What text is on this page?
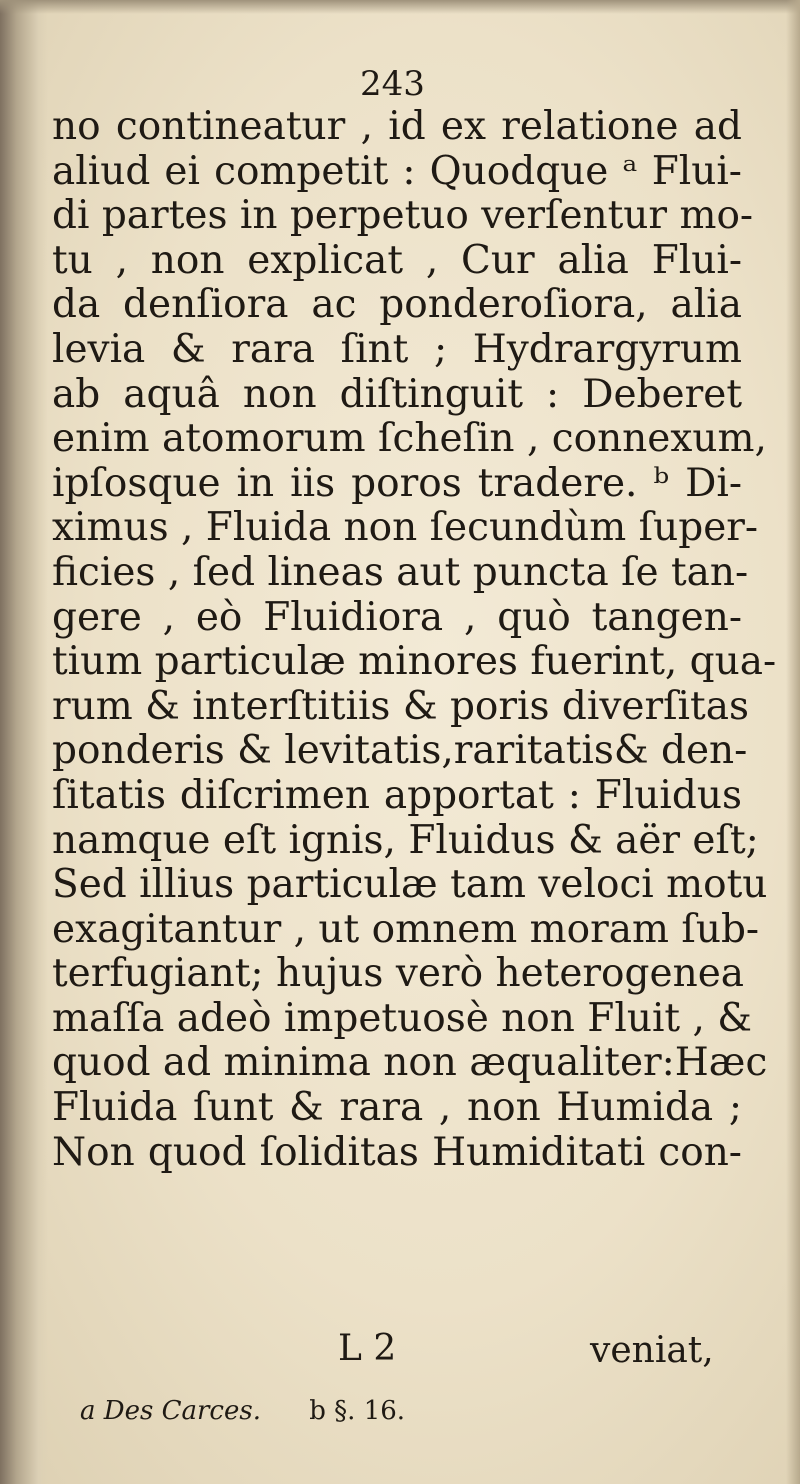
243
no contineatur , id ex relatione ad
aliud ei competit : Quodque ᵃ Flui-
di partes in perpetuo verſentur mo-
tu , non explicat , Cur alia Flui-
da denſiora ac ponderoſiora, alia
levia & rara ſint ; Hydrargyrum
ab aquâ non diſtinguit : Deberet
enim atomorum ſcheſin , connexum,
ipſosque in iis poros tradere. ᵇ Di-
ximus , Fluida non ſecundùm ſuper-
ficies , ſed lineas aut puncta ſe tan-
gere , eò Fluidiora , quò tangen-
tium particulæ minores fuerint, qua-
rum & interſtitiis & poris diverſitas
ponderis & levitatis,raritatis& den-
ſitatis diſcrimen apportat : Fluidus
namque eſt ignis, Fluidus & aër eſt;
Sed illius particulæ tam veloci motu
exagitantur , ut omnem moram ſub-
terfugiant; hujus verò heterogenea
maſſa adeò impetuosè non Fluit , &
quod ad minima non æqualiter:Hæc
Fluida ſunt & rara , non Humida ;
Non quod ſoliditas Humiditati con-
L 2	veniat,
a Des Carces. b §. 16.
